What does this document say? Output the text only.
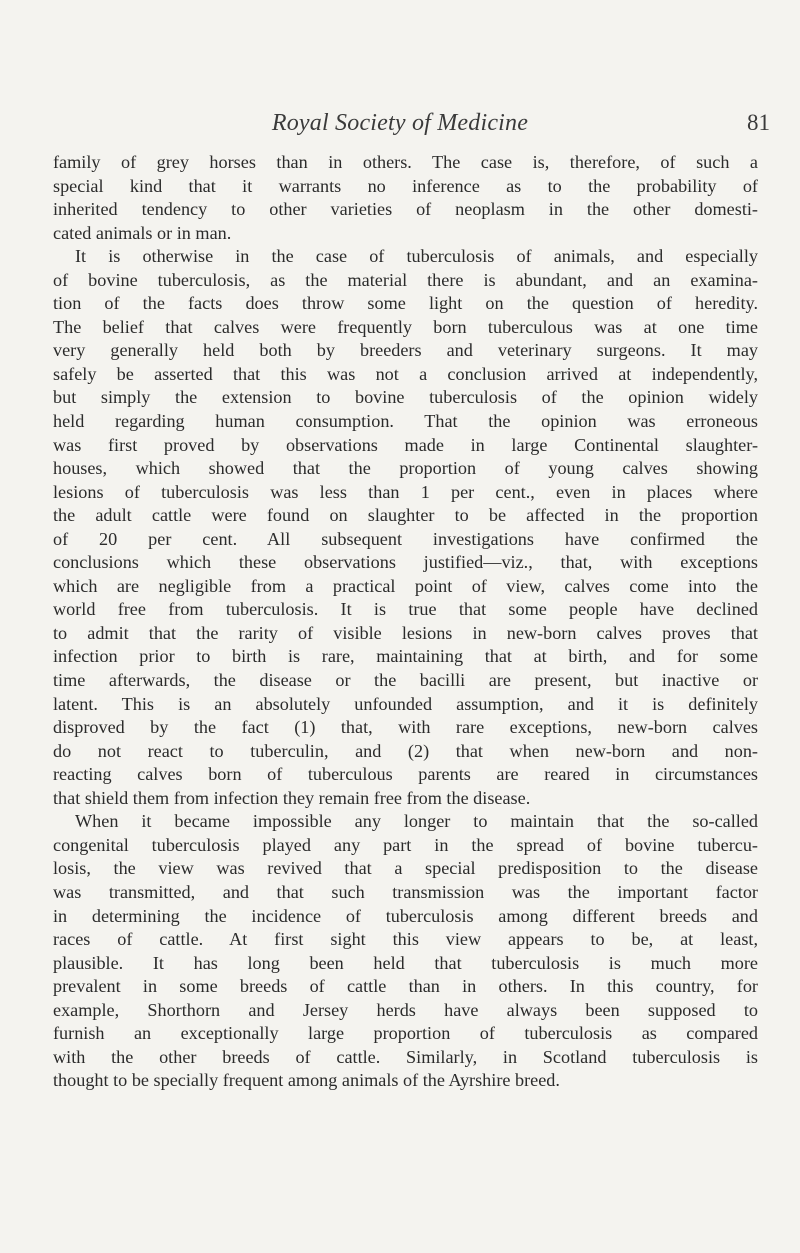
Royal Society of Medicine	81
family of grey horses than in others. The case is, therefore, of such a
special kind that it warrants no inference as to the probability of
inherited tendency to other varieties of neoplasm in the other domesti-
cated animals or in man.
It is otherwise in the case of tuberculosis of animals, and especially
of bovine tuberculosis, as the material there is abundant, and an examina-
tion of the facts does throw some light on the question of heredity.
The belief that calves were frequently born tuberculous was at one time
very generally held both by breeders and veterinary surgeons. It may
safely be asserted that this was not a conclusion arrived at independently,
but simply the extension to bovine tuberculosis of the opinion widely
held regarding human consumption. That the opinion was erroneous
was first proved by observations made in large Continental slaughter-
houses, which showed that the proportion of young calves showing
lesions of tuberculosis was less than 1 per cent., even in places where
the adult cattle were found on slaughter to be affected in the proportion
of 20 per cent. All subsequent investigations have confirmed the
conclusions which these observations justified—viz., that, with exceptions
which are negligible from a practical point of view, calves come into the
world free from tuberculosis. It is true that some people have declined
to admit that the rarity of visible lesions in new-born calves proves that
infection prior to birth is rare, maintaining that at birth, and for some
time afterwards, the disease or the bacilli are present, but inactive or
latent. This is an absolutely unfounded assumption, and it is definitely
disproved by the fact (1) that, with rare exceptions, new-born calves
do not react to tuberculin, and (2) that when new-born and non-
reacting calves born of tuberculous parents are reared in circumstances
that shield them from infection they remain free from the disease.
When it became impossible any longer to maintain that the so-called
congenital tuberculosis played any part in the spread of bovine tubercu-
losis, the view was revived that a special predisposition to the disease
was transmitted, and that such transmission was the important factor
in determining the incidence of tuberculosis among different breeds and
races of cattle. At first sight this view appears to be, at least,
plausible. It has long been held that tuberculosis is much more
prevalent in some breeds of cattle than in others. In this country, for
example, Shorthorn and Jersey herds have always been supposed to
furnish an exceptionally large proportion of tuberculosis as compared
with the other breeds of cattle. Similarly, in Scotland tuberculosis is
thought to be specially frequent among animals of the Ayrshire breed.
